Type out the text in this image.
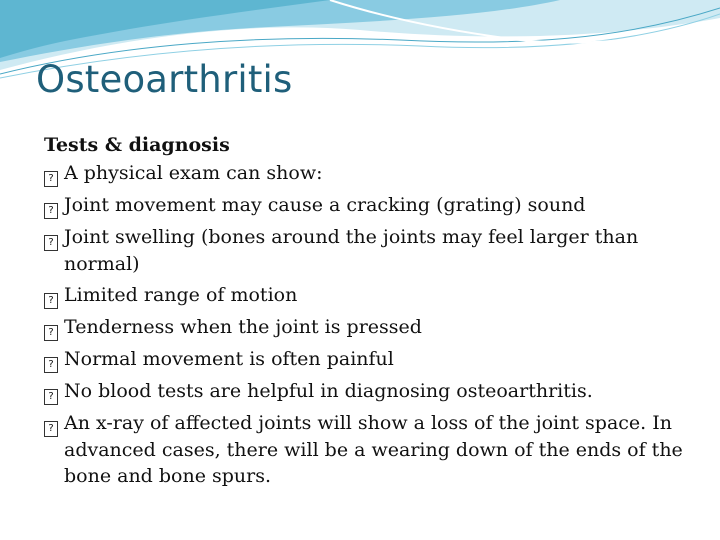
Osteoarthritis
Tests & diagnosis
? A physical exam can show:
? Joint movement may cause a cracking (grating) sound
? Joint swelling (bones around the joints may feel larger than normal)
? Limited range of motion
? Tenderness when the joint is pressed
? Normal movement is often painful
? No blood tests are helpful in diagnosing osteoarthritis.
? An x-ray of affected joints will show a loss of the joint space. In advanced cases, there will be a wearing down of the ends of the bone and bone spurs.
